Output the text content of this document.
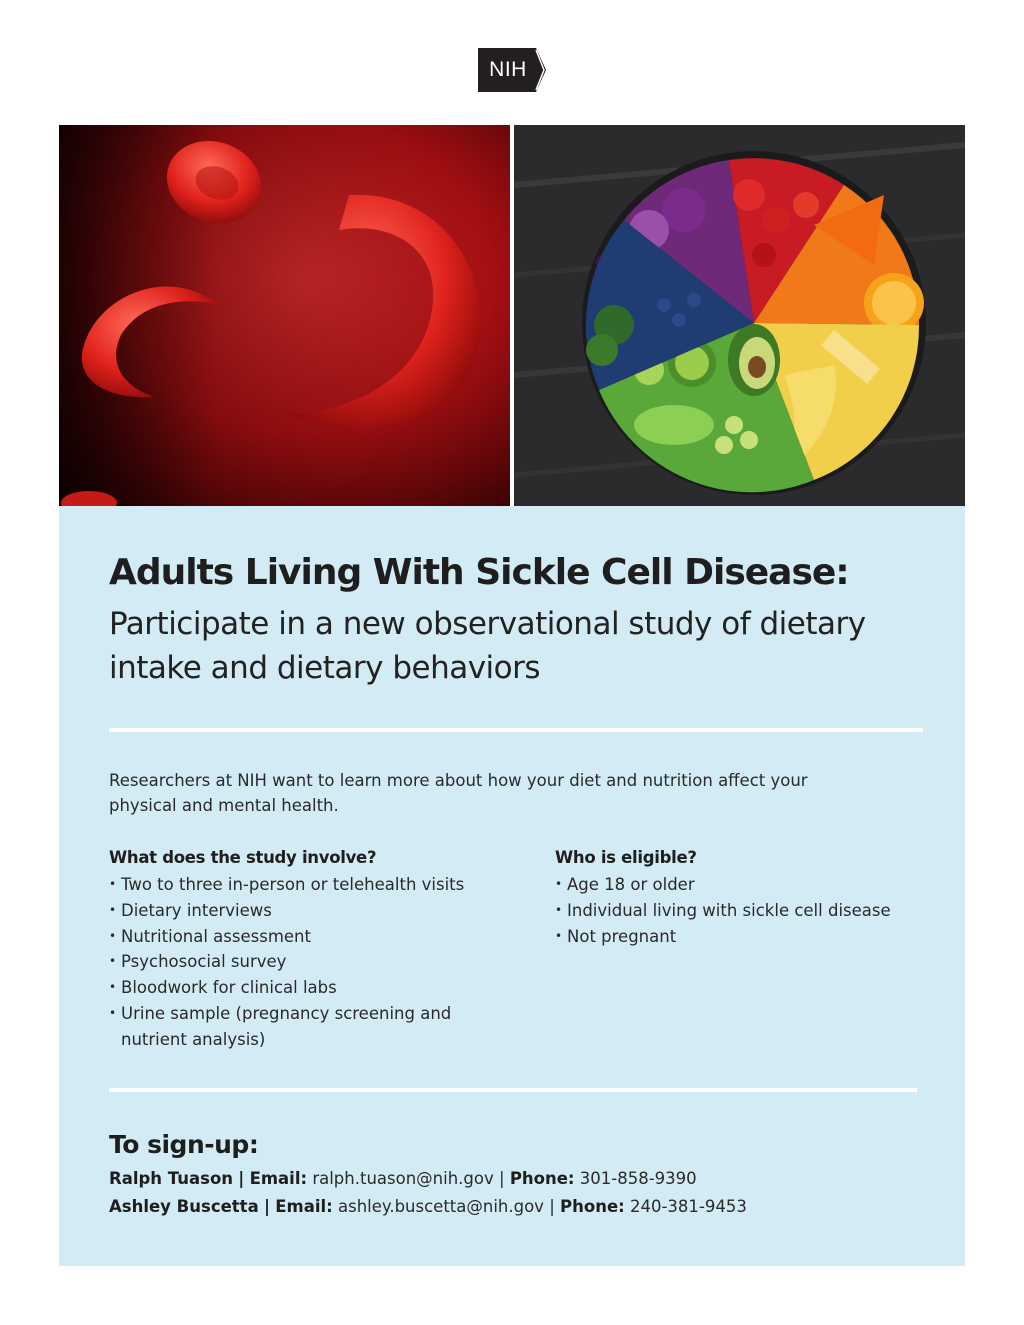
NIH
Adults Living With Sickle Cell Disease:

Participate in a new observational study of dietary intake and dietary behaviors

Researchers at NIH want to learn more about how your diet and nutrition affect your physical and mental health.

What does the study involve?
• Two to three in-person or telehealth visits
• Dietary interviews
• Nutritional assessment
• Psychosocial survey
• Bloodwork for clinical labs
• Urine sample (pregnancy screening and nutrient analysis)
Who is eligible?
• Age 18 or older
• Individual living with sickle cell disease
• Not pregnant
To sign-up:
Ralph Tuason | Email: ralph.tuason@nih.gov | Phone: 301-858-9390
Ashley Buscetta | Email: ashley.buscetta@nih.gov | Phone: 240-381-9453
